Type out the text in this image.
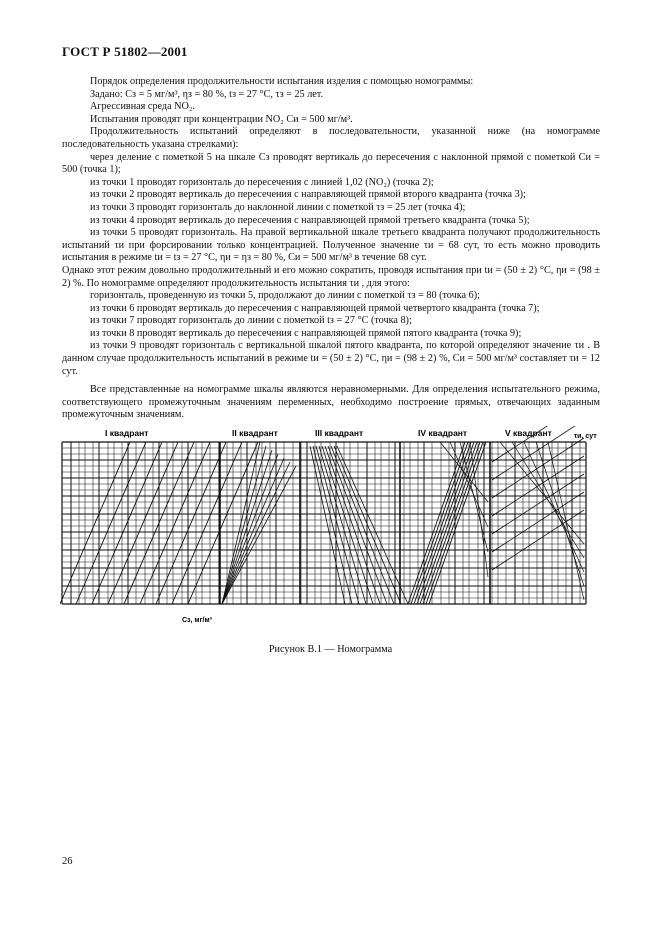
ГОСТ Р 51802—2001

Порядок определения продолжительности испытания изделия с помощью номограммы:

Задано: Cз = 5 мг/м³, ηз = 80 %, tз = 27 °C, τз = 25 лет.

Агрессивная среда NO₂.

Испытания проводят при концентрации NO₂ Cи = 500 мг/м³.

Продолжительность испытаний определяют в последовательности, указанной ниже (на номограмме последовательность указана стрелками):

через деление с пометкой 5 на шкале Cз проводят вертикаль до пересечения с наклонной прямой с пометкой Cи = 500 (точка 1);

из точки 1 проводят горизонталь до пересечения с линией 1,02 (NO₂) (точка 2);

из точки 2 проводят вертикаль до пересечения с направляющей прямой второго квадранта (точка 3);

из точки 3 проводят горизонталь до наклонной линии с пометкой τз = 25 лет (точка 4);

из точки 4 проводят вертикаль до пересечения с направляющей прямой третьего квадранта (точка 5);

из точки 5 проводят горизонталь. На правой вертикальной шкале третьего квадранта получают продолжительность испытаний τи при форсировании только концентрацией. Полученное значение τи = 68 сут, то есть можно проводить испытания в режиме tи = tз = 27 °C, ηи = ηз = 80 %, Cи = 500 мг/м³ в течение 68 сут.

Однако этот режим довольно продолжительный и его можно сократить, проводя испытания при tи = (50 ± 2) °C, ηи = (98 ± 2) %. По номограмме определяют продолжительность испытания τи , для этого:

горизонталь, проведенную из точки 5, продолжают до линии с пометкой τз = 80 (точка 6);

из точки 6 проводят вертикаль до пересечения с направляющей прямой четвертого квадранта (точка 7);

из точки 7 проводят горизонталь до линии с пометкой tз = 27 °C (точка 8);

из точки 8 проводят вертикаль до пересечения с направляющей прямой пятого квадранта (точка 9);

из точки 9 проводят горизонталь с вертикальной шкалой пятого квадранта, по которой определяют значение τи . В данном случае продолжительность испытаний в режиме tи = (50 ± 2) °C, ηи = (98 ± 2) %, Cи = 500 мг/м³ составляет τи = 12 сут.

Все представленные на номограмме шкалы являются неравномерными. Для определения испытательного режима, соответствующего промежуточным значениям переменных, необходимо построение прямых, отвечающих заданным промежуточным значениям.

I квадрант	II квадрант	III квадрант	IV квадрант	V квадрант	τи, сут
Cз, мг/м³
Рисунок В.1 — Номограмма
26
